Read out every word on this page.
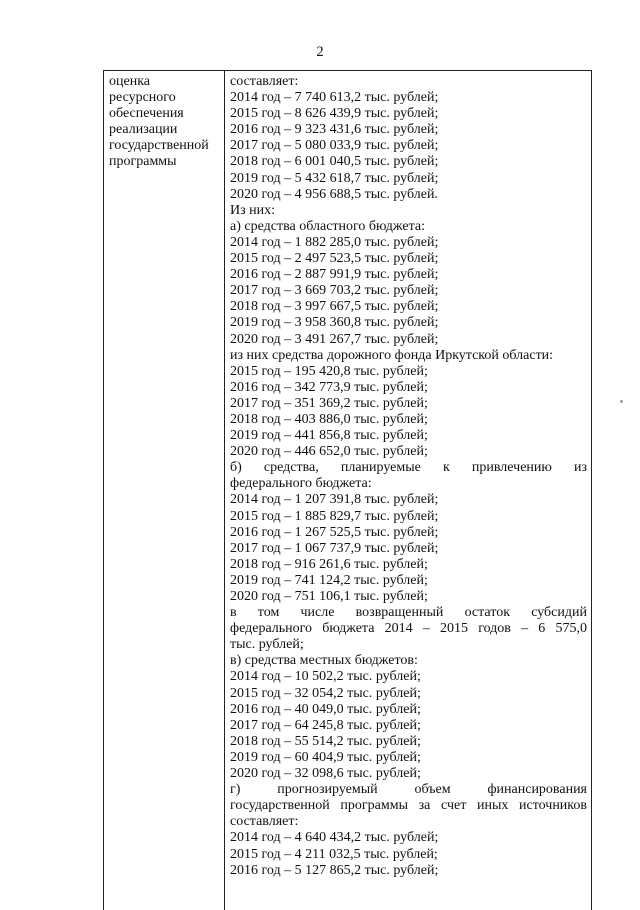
2
оценка
ресурсного
обеспечения
реализации
государственной
программы
составляет:
2014 год – 7 740 613,2 тыс. рублей;
2015 год – 8 626 439,9 тыс. рублей;
2016 год – 9 323 431,6 тыс. рублей;
2017 год – 5 080 033,9 тыс. рублей;
2018 год – 6 001 040,5 тыс. рублей;
2019 год – 5 432 618,7 тыс. рублей;
2020 год – 4 956 688,5 тыс. рублей.
Из них:
а) средства областного бюджета:
2014 год – 1 882 285,0 тыс. рублей;
2015 год – 2 497 523,5 тыс. рублей;
2016 год – 2 887 991,9 тыс. рублей;
2017 год – 3 669 703,2 тыс. рублей;
2018 год – 3 997 667,5 тыс. рублей;
2019 год – 3 958 360,8 тыс. рублей;
2020 год – 3 491 267,7 тыс. рублей;
из них средства дорожного фонда Иркутской области:
2015 год – 195 420,8 тыс. рублей;
2016 год – 342 773,9 тыс. рублей;
2017 год – 351 369,2 тыс. рублей;
2018 год – 403 886,0 тыс. рублей;
2019 год – 441 856,8 тыс. рублей;
2020 год – 446 652,0 тыс. рублей;
б) средства, планируемые к привлечению из
федерального бюджета:
2014 год – 1 207 391,8 тыс. рублей;
2015 год – 1 885 829,7 тыс. рублей;
2016 год – 1 267 525,5 тыс. рублей;
2017 год – 1 067 737,9 тыс. рублей;
2018 год – 916 261,6 тыс. рублей;
2019 год – 741 124,2 тыс. рублей;
2020 год – 751 106,1 тыс. рублей;
в том числе возвращенный остаток субсидий
федерального бюджета 2014 – 2015 годов – 6 575,0
тыс. рублей;
в) средства местных бюджетов:
2014 год – 10 502,2 тыс. рублей;
2015 год – 32 054,2 тыс. рублей;
2016 год – 40 049,0 тыс. рублей;
2017 год – 64 245,8 тыс. рублей;
2018 год – 55 514,2 тыс. рублей;
2019 год – 60 404,9 тыс. рублей;
2020 год – 32 098,6 тыс. рублей;
г) прогнозируемый объем финансирования
государственной программы за счет иных источников
составляет:
2014 год – 4 640 434,2 тыс. рублей;
2015 год – 4 211 032,5 тыс. рублей;
2016 год – 5 127 865,2 тыс. рублей;
